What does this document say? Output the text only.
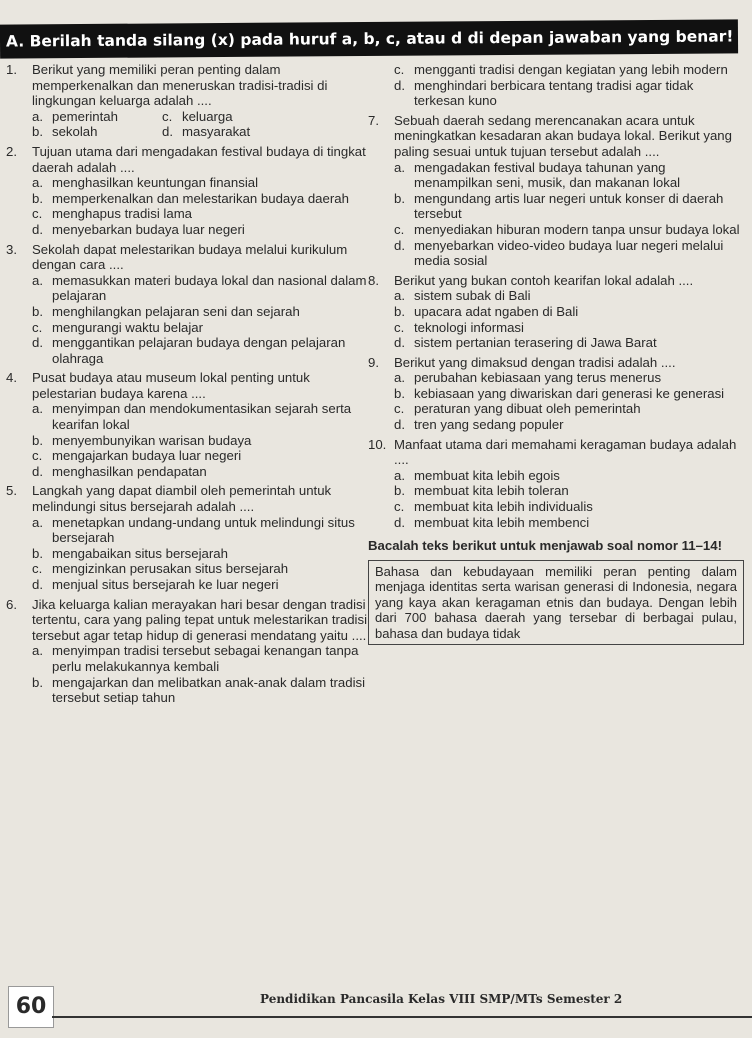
A. Berilah tanda silang (x) pada huruf a, b, c, atau d di depan jawaban yang benar!
1.	Berikut yang memiliki peran penting dalam memperkenalkan dan meneruskan tradisi-tradisi di lingkungan keluarga adalah ....
a. pemerintah	c. keluarga
b. sekolah	d. masyarakat
2.	Tujuan utama dari mengadakan festival budaya di tingkat daerah adalah ....
a. menghasilkan keuntungan finansial
b. memperkenalkan dan melestarikan budaya daerah
c. menghapus tradisi lama
d. menyebarkan budaya luar negeri
3.	Sekolah dapat melestarikan budaya melalui kurikulum dengan cara ....
a. memasukkan materi budaya lokal dan nasional dalam pelajaran
b. menghilangkan pelajaran seni dan sejarah
c. mengurangi waktu belajar
d. menggantikan pelajaran budaya dengan pelajaran olahraga
4.	Pusat budaya atau museum lokal penting untuk pelestarian budaya karena ....
a. menyimpan dan mendokumentasikan sejarah serta kearifan lokal
b. menyembunyikan warisan budaya
c. mengajarkan budaya luar negeri
d. menghasilkan pendapatan
5.	Langkah yang dapat diambil oleh pemerintah untuk melindungi situs bersejarah adalah ....
a. menetapkan undang-undang untuk melindungi situs bersejarah
b. mengabaikan situs bersejarah
c. mengizinkan perusakan situs bersejarah
d. menjual situs bersejarah ke luar negeri
6.	Jika keluarga kalian merayakan hari besar dengan tradisi tertentu, cara yang paling tepat untuk melestarikan tradisi tersebut agar tetap hidup di generasi mendatang yaitu ....
a. menyimpan tradisi tersebut sebagai kenangan tanpa perlu melakukannya kembali
b. mengajarkan dan melibatkan anak-anak dalam tradisi tersebut setiap tahun
c. mengganti tradisi dengan kegiatan yang lebih modern
d. menghindari berbicara tentang tradisi agar tidak terkesan kuno
7.	Sebuah daerah sedang merencanakan acara untuk meningkatkan kesadaran akan budaya lokal. Berikut yang paling sesuai untuk tujuan tersebut adalah ....
a. mengadakan festival budaya tahunan yang menampilkan seni, musik, dan makanan lokal
b. mengundang artis luar negeri untuk konser di daerah tersebut
c. menyediakan hiburan modern tanpa unsur budaya lokal
d. menyebarkan video-video budaya luar negeri melalui media sosial
8.	Berikut yang bukan contoh kearifan lokal adalah ....
a. sistem subak di Bali
b. upacara adat ngaben di Bali
c. teknologi informasi
d. sistem pertanian terasering di Jawa Barat
9.	Berikut yang dimaksud dengan tradisi adalah ....
a. perubahan kebiasaan yang terus menerus
b. kebiasaan yang diwariskan dari generasi ke generasi
c. peraturan yang dibuat oleh pemerintah
d. tren yang sedang populer
10. Manfaat utama dari memahami keragaman budaya adalah ....
a. membuat kita lebih egois
b. membuat kita lebih toleran
c. membuat kita lebih individualis
d. membuat kita lebih membenci
Bacalah teks berikut untuk menjawab soal nomor 11–14!
Bahasa dan kebudayaan memiliki peran penting dalam menjaga identitas serta warisan generasi di Indonesia, negara yang kaya akan keragaman etnis dan budaya. Dengan lebih dari 700 bahasa daerah yang tersebar di berbagai pulau, bahasa dan budaya tidak
60	Pendidikan Pancasila Kelas VIII SMP/MTs Semester 2
